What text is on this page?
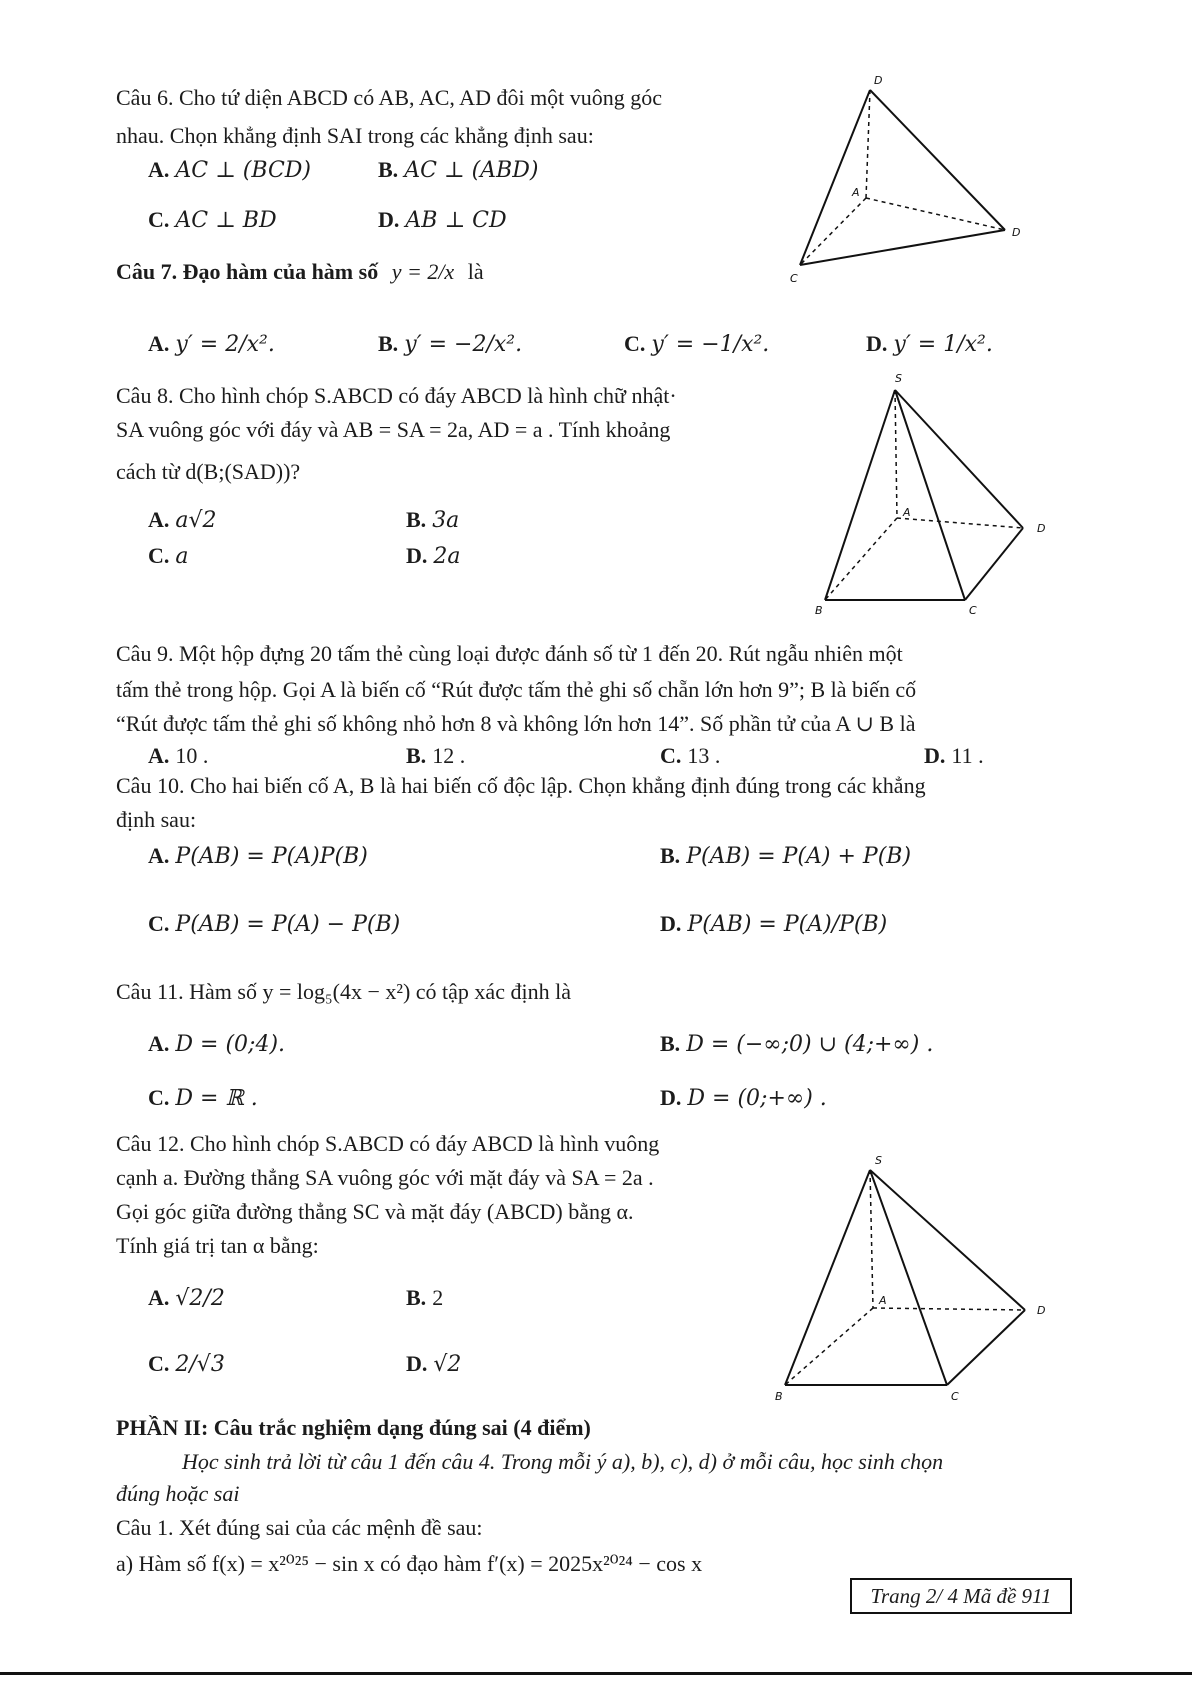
Câu 6. Cho tứ diện ABCD có AB, AC, AD đôi một vuông góc
nhau. Chọn khẳng định SAI trong các khẳng định sau:
A. AC ⊥ (BCD)	B. AC ⊥ (ABD)
C. AC ⊥ BD	D. AB ⊥ CD
D
A
D
C
Câu 7. Đạo hàm của hàm số y = 2/x là
A. y′ = 2/x².	B. y′ = −2/x².	C. y′ = −1/x².	D. y′ = 1/x².
Câu 8. Cho hình chóp S.ABCD có đáy ABCD là hình chữ nhật·
SA vuông góc với đáy và AB = SA = 2a, AD = a . Tính khoảng
cách từ d(B;(SAD))?
A. a√2	B. 3a
C. a	D. 2a
S
A
D
B	C
Câu 9. Một hộp đựng 20 tấm thẻ cùng loại được đánh số từ 1 đến 20. Rút ngẫu nhiên một
tấm thẻ trong hộp. Gọi A là biến cố “Rút được tấm thẻ ghi số chẵn lớn hơn 9”; B là biến cố
“Rút được tấm thẻ ghi số không nhỏ hơn 8 và không lớn hơn 14”. Số phần tử của A ∪ B là
A. 10 .	B. 12 .	C. 13 .	D. 11 .
Câu 10. Cho hai biến cố A, B là hai biến cố độc lập. Chọn khẳng định đúng trong các khẳng
định sau:
A. P(AB) = P(A)P(B)	B. P(AB) = P(A) + P(B)
C. P(AB) = P(A) − P(B)	D. P(AB) = P(A)/P(B)
Câu 11. Hàm số y = log₅(4x − x²) có tập xác định là
A. D = (0;4).	B. D = (−∞;0) ∪ (4;+∞) .
C. D = ℝ .	D. D = (0;+∞) .
Câu 12. Cho hình chóp S.ABCD có đáy ABCD là hình vuông
cạnh a. Đường thẳng SA vuông góc với mặt đáy và SA = 2a .
Gọi góc giữa đường thẳng SC và mặt đáy (ABCD) bằng α.
Tính giá trị tan α bằng:
A. √2/2	B. 2
C. 2/√3	D. √2
S
A
D
B	C
PHẦN II: Câu trắc nghiệm dạng đúng sai (4 điểm)
Học sinh trả lời từ câu 1 đến câu 4. Trong mỗi ý a), b), c), d) ở mỗi câu, học sinh chọn
đúng hoặc sai
Câu 1. Xét đúng sai của các mệnh đề sau:
a) Hàm số f(x) = x²⁰²⁵ − sin x có đạo hàm f′(x) = 2025x²⁰²⁴ − cos x
Trang 2/ 4 Mã đề 911
